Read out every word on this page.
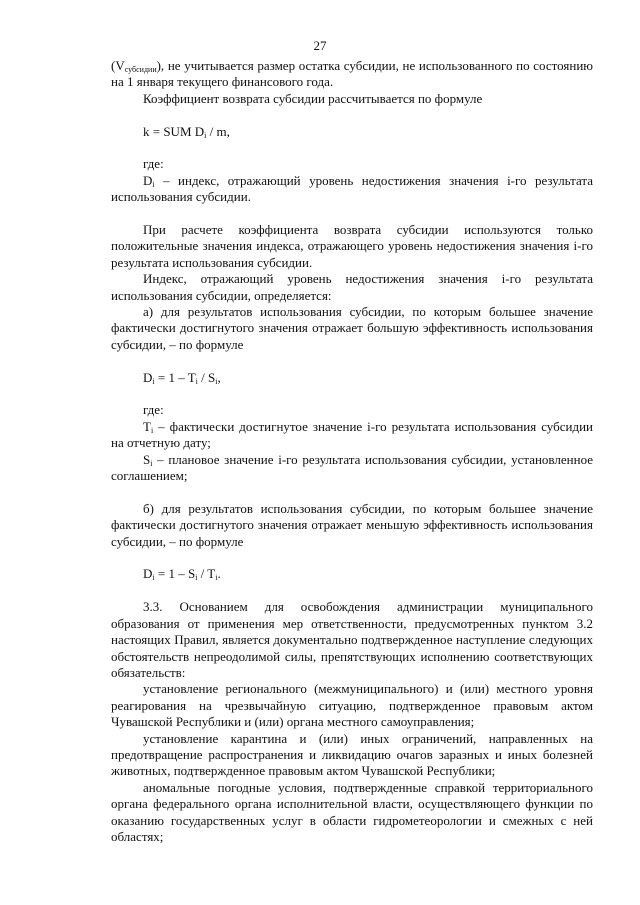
27

$(V_{субсидии})$, не учитывается размер остатка субсидии, не использованного по состоянию на 1 января текущего финансового года.

Коэффициент возврата субсидии рассчитывается по формуле

k = SUM $D_i$ / m,

где:

$D_i$ – индекс, отражающий уровень недостижения значения i-го результата использования субсидии.

При расчете коэффициента возврата субсидии используются только положительные значения индекса, отражающего уровень недостижения значения i-го результата использования субсидии.

Индекс, отражающий уровень недостижения значения i-го результата использования субсидии, определяется:

а) для результатов использования субсидии, по которым большее значение фактически достигнутого значения отражает большую эффективность использования субсидии, – по формуле

$D_i = 1 - T_i / S_i$,

где:

$T_i$ – фактически достигнутое значение i-го результата использования субсидии на отчетную дату;

$S_i$ – плановое значение i-го результата использования субсидии, установленное соглашением;

б) для результатов использования субсидии, по которым большее значение фактически достигнутого значения отражает меньшую эффективность использования субсидии, – по формуле

$D_i = 1 - S_i / T_i$.

3.3. Основанием для освобождения администрации муниципального образования от применения мер ответственности, предусмотренных пунктом 3.2 настоящих Правил, является документально подтвержденное наступление следующих обстоятельств непреодолимой силы, препятствующих исполнению соответствующих обязательств:

установление регионального (межмуниципального) и (или) местного уровня реагирования на чрезвычайную ситуацию, подтвержденное правовым актом Чувашской Республики и (или) органа местного самоуправления;

установление карантина и (или) иных ограничений, направленных на предотвращение распространения и ликвидацию очагов заразных и иных болезней животных, подтвержденное правовым актом Чувашской Республики;

аномальные погодные условия, подтвержденные справкой территориального органа федерального органа исполнительной власти, осуществляющего функции по оказанию государственных услуг в области гидрометеорологии и смежных с ней областях;
